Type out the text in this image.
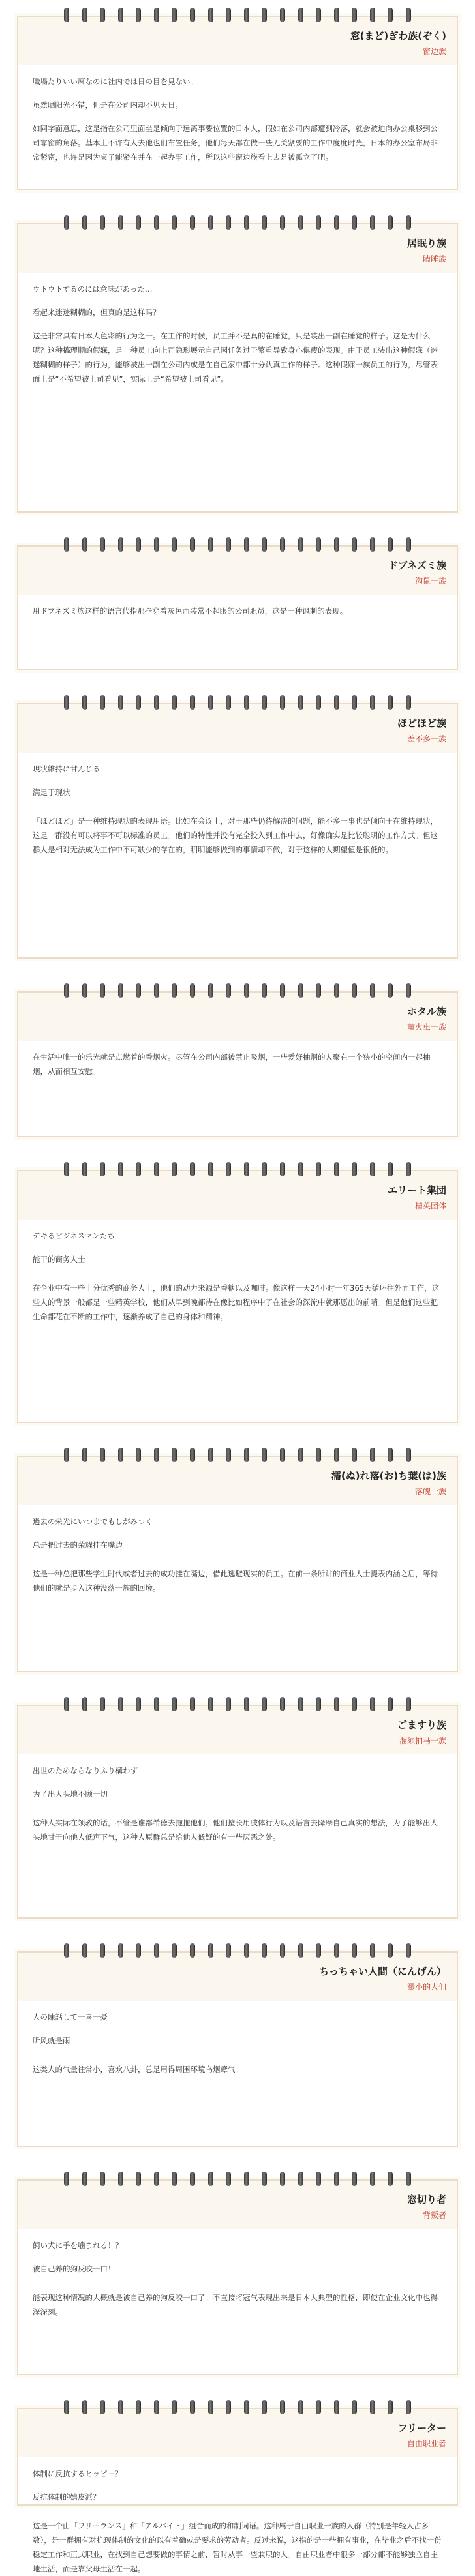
窓(まど)ぎわ族(ぞく)
窗边族

職場たりいい席なのに社内では日の目を見ない。

虽然晒阳光不错，但是在公司内却不见天日。

如同字面意思，这是指在公司里面坐是倾向于远离事要位置的日本人，假如在公司内部遭到冷落，就会被迫向办公桌移到公司靠窗的角落。基本上不许有人去他也们布置任务，他们每天都在做一些无关紧要的工作中度度时光，日本的办公室布局非常紧密，也许是因为桌子能紧在并在一起办事工作，所以这些窗边族看上去是被孤立了吧。

居眠り族
瞌睡族

ウトウトするのには意味があった…

看起来迷迷糊糊的，但真的是这样吗？

这是非常具有日本人色彩的行为之一。在工作的时候，员工并不是真的在睡觉，只是装出一副在睡觉的样子。这是为什么呢？这种搞理顺的假寐，是一种员工向上司隐形展示自己因任务过于繁重导致身心俱疲的表现。由于员工装出这种假寐（迷迷糊糊的样子）的行为，能够被出一副在公司内或是在自己家中都十分认真工作的样子。这种假寐一族员工的行为，尽管表面上是“不希望被上司看见”，实际上是“希望被上司看见”。

ドブネズミ族
沟鼠一族

用ドブネズミ族这样的语言代指那些穿着灰色西装常不起眼的公司职员，这是一种讽刺的表现。

ほどほど族
差不多一族

現状維持に甘んじる

满足于现状

「ほどほど」是一种维持现状的表现用语。比如在会议上，对于那些仍待解决的问题，能不多一事也是倾向于在维持现状，这是一群没有可以将事不可以标准的员工。他们的特性并没有完全投入到工作中去，好像确实是比较聪明的工作方式。但这群人是相对无法成为工作中不可缺少的存在的，明明能够做到的事情却不做，对于这样的人期望值是很低的。

ホタル族
萤火虫一族

在生活中唯一的乐光就是点燃着的香烟火。尽管在公司内部被禁止吸烟，一些爱好抽烟的人聚在一个狭小的空间内一起抽烟，从而相互安慰。

エリート集団
精英团体

デキるビジネスマンたち

能干的商务人士

在企业中有一些十分优秀的商务人士，他们的动力来源是香糖以及咖啡。像这样一天24小时一年365天循环往外面工作，这些人的背景一般都是一些精英学校，他们从早到晚都待在像比如程序中了在社会的深流中就那愿出的前哨。但是他们这些把生命都花在不断的工作中，逐渐养成了自己的身体和精神。

濡(ぬ)れ落(お)ち葉(は)族
落魄一族

過去の栄光にいつまでもしがみつく

总是把过去的荣耀挂在嘴边

这是一种总把那些学生时代或者过去的成功挂在嘴边，借此逃避现实的员工。在前一条所讲的商业人士提表内涵之后，等待他们的就是步入这种没落一族的回境。

ごますり族
溜须拍马一族

出世のためならなりふり構わず

为了出人头地不顾一切

这种人实际在领教的话，不管是谁都希德去拖拖他们。他们擅长用肢体行为以及语言去降摩自己真实的想法，为了能够出人头地甘于向他人低声下气，这种人原群总是给他人低疑的有一些厌恶之处。

ちっちゃい人間（にんげん）
渺小的人们

人の陳話して一喜一憂

听风就是雨

这类人的气量往常小，喜欢八卦，总是用得周围环境乌烟瘴气。

窓切り者
背叛者

飼い犬に手を噛まれる！？

被自己养的狗反咬一口！

能表现这种情况的大概就是被自己养的狗反咬一口了。不直接将冠气表现出来是日本人典型的性格，即使在企业文化中也得深深刻。

フリーター
自由职业者

体制に反抗するヒッピー？

反抗体制的嬉皮派？

这是一个由「フリーランス」和「アルバイト」组合而成的和制词语。这种属于自由职业一族的人群（特别是年轻人占多数），是一群拥有对抗现体制的文化的以有着确或是要求的劳动者。反过来说，这指的是一些拥有事业，在毕业之后不找一份稳定工作和正式职业，在找到自己想要做的事情之前，暂时从事一些兼职的人。自由职业者中很多一部分都不能够独立自主地生活，而是靠父母生活在一起。
